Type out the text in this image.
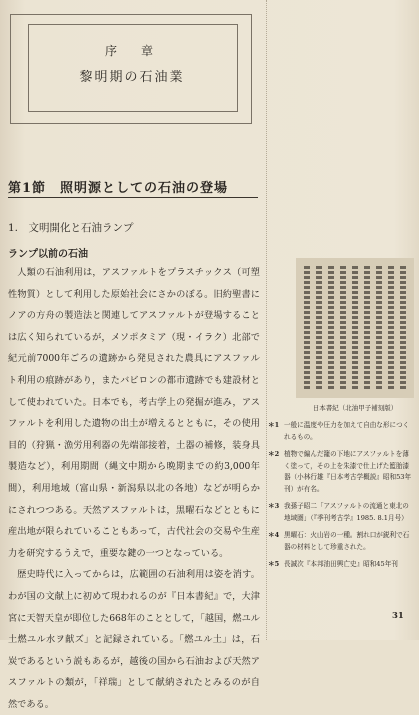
序　章
黎明期の石油業
第1節　照明源としての石油の登場
1.　文明開化と石油ランプ
ランプ以前の石油

人類の石油利用は，アスファルトをプラスチックス（可塑性物質）として利用した原始社会にさかのぼる。旧約聖書にノアの方舟の製造法と関連してアスファルトが登場することは広く知られているが，メソポタミア（現・イラク）北部で紀元前7000年ごろの遺跡から発見された農具にアスファルト利用の痕跡があり，またバビロンの都市遺跡でも建設材として使われていた。日本でも，考古学上の発掘が進み，アスファルトを利用した遺物の出土が増えるとともに，その使用目的（狩猟・漁労用利器の先端部接着，土器の補修，装身具製造など），利用期間（縄文中期から晩期までの約3,000年間），利用地域（富山県・新潟県以北の各地）などが明らかにされつつある。天然アスファルトは，黒曜石などとともに産出地が限られていることもあって，古代社会の交易や生産力を研究するうえで，重要な鍵の一つとなっている。

歴史時代に入ってからは，広範囲の石油利用は姿を消す。わが国の文献上に初めて現われるのが『日本書紀』で，大津宮に天智天皇が即位した668年のこととして，「越国，燃ユル土燃ユル水ヲ献ズ」と記録されている。「燃ユル土」は，石炭であるという説もあるが，越後の国から石油および天然アスファルトの類が，「祥瑞」として献納されたとみるのが自然である。

日本書紀（北油甲子補刻版）
＊1 一般に温度や圧力を加えて自由な形につくれるもの。
＊2 植物で編んだ籠の下地にアスファルトを薄く塗って，その上を朱漆で仕上げた籃胎漆器（小林行雄『日本考古学概説』昭和53年刊）が有名。
＊3 我孫子昭二「アスファルトの流通と東北の地域圏」（『季刊考古学』1985. 8.1月号）
＊4 黒曜石：火山岩の一種。割れ口が鋭利で石器の材料として珍重された。
＊5 長誠次『本邦油田興亡史』昭和45年刊
31
